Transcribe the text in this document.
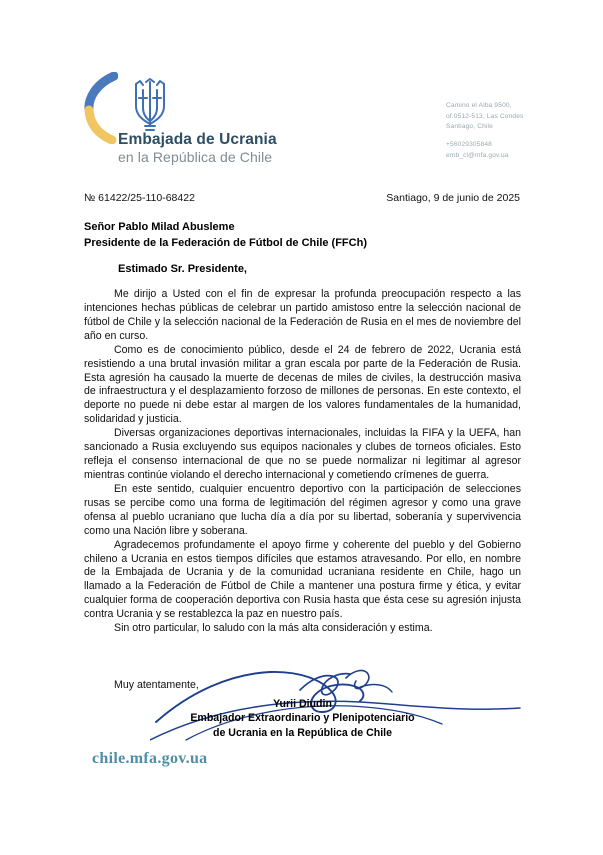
Embajada de Ucrania
en la República de Chile
Camino el Alba 9500,
of.0512-513, Las Condes
Santiago, Chile
+56029305848
emb_cl@mfa.gov.ua
№ 61422/25-110-68422	Santiago, 9 de junio de 2025
Señor Pablo Milad Abusleme
Presidente de la Federación de Fútbol de Chile (FFCh)
Estimado Sr. Presidente,

Me dirijo a Usted con el fin de expresar la profunda preocupación respecto a las intenciones hechas públicas de celebrar un partido amistoso entre la selección nacional de fútbol de Chile y la selección nacional de la Federación de Rusia en el mes de noviembre del año en curso.

Como es de conocimiento público, desde el 24 de febrero de 2022, Ucrania está resistiendo a una brutal invasión militar a gran escala por parte de la Federación de Rusia. Esta agresión ha causado la muerte de decenas de miles de civiles, la destrucción masiva de infraestructura y el desplazamiento forzoso de millones de personas. En este contexto, el deporte no puede ni debe estar al margen de los valores fundamentales de la humanidad, solidaridad y justicia.

Diversas organizaciones deportivas internacionales, incluidas la FIFA y la UEFA, han sancionado a Rusia excluyendo sus equipos nacionales y clubes de torneos oficiales. Esto refleja el consenso internacional de que no se puede normalizar ni legitimar al agresor mientras continúe violando el derecho internacional y cometiendo crímenes de guerra.

En este sentido, cualquier encuentro deportivo con la participación de selecciones rusas se percibe como una forma de legitimación del régimen agresor y como una grave ofensa al pueblo ucraniano que lucha día a día por su libertad, soberanía y supervivencia como una Nación libre y soberana.

Agradecemos profundamente el apoyo firme y coherente del pueblo y del Gobierno chileno a Ucrania en estos tiempos difíciles que estamos atravesando. Por ello, en nombre de la Embajada de Ucrania y de la comunidad ucraniana residente en Chile, hago un llamado a la Federación de Fútbol de Chile a mantener una postura firme y ética, y evitar cualquier forma de cooperación deportiva con Rusia hasta que ésta cese su agresión injusta contra Ucrania y se restablezca la paz en nuestro país.

Sin otro particular, lo saludo con la más alta consideración y estima.

Muy atentamente,
Yurii Diudin
Embajador Extraordinario y Plenipotenciario
de Ucrania en la República de Chile
chile.mfa.gov.ua
